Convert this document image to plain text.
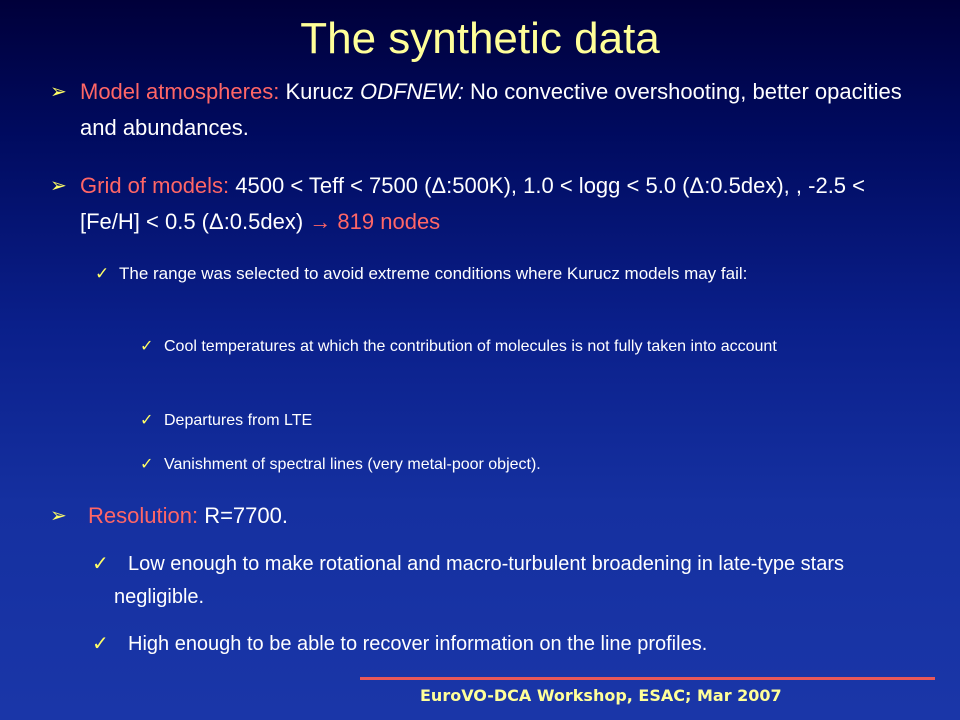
The synthetic data
➢ Model atmospheres: Kurucz ODFNEW: No convective overshooting, better opacities and abundances.
➢ Grid of models: 4500 < Teff < 7500 (Δ:500K), 1.0 < logg < 5.0 (Δ:0.5dex), , -2.5 < [Fe/H] < 0.5 (Δ:0.5dex) → 819 nodes
✓ The range was selected to avoid extreme conditions where Kurucz models may fail:
✓ Cool temperatures at which the contribution of molecules is not fully taken into account
✓ Departures from LTE
✓ Vanishment of spectral lines (very metal-poor object).
➢ Resolution: R=7700.
✓ Low enough to make rotational and macro-turbulent broadening in late-type stars negligible.
✓ High enough to be able to recover information on the line profiles.
EuroVO-DCA Workshop, ESAC; Mar 2007
